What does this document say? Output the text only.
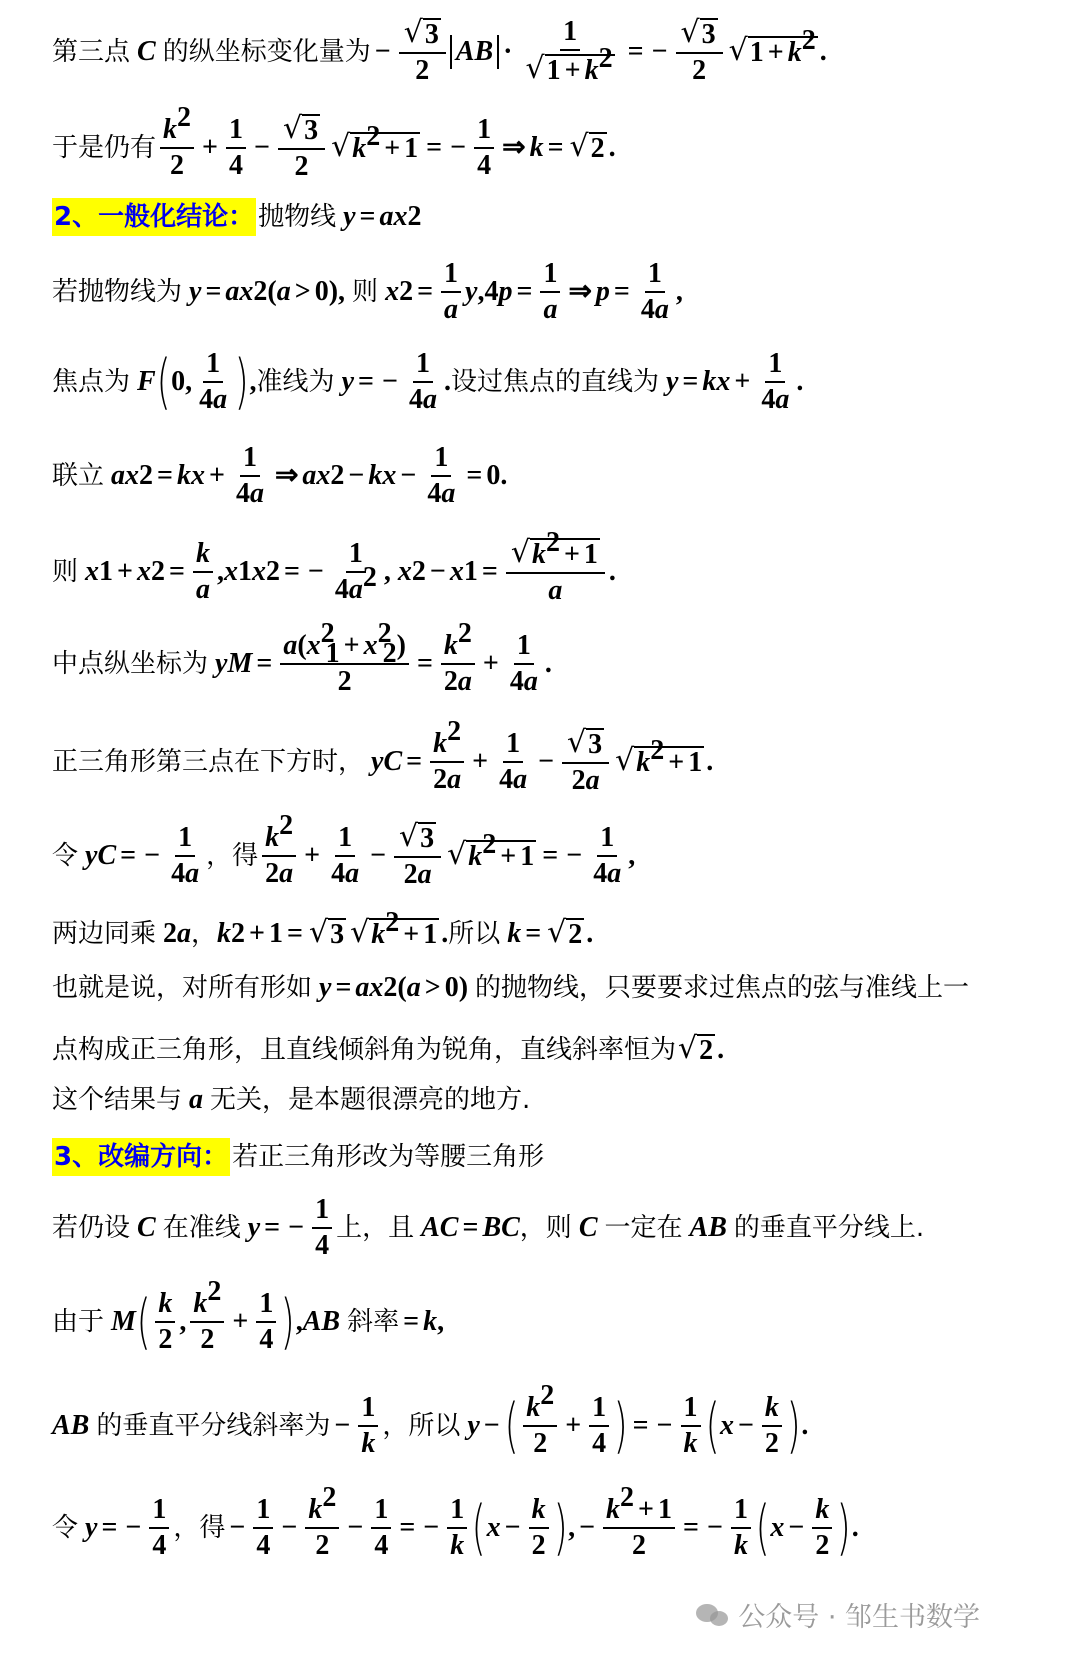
第三点 C 的纵坐标变化量为 − $\frac{√ 3}{2}$ AB · $\frac{1}{√ 1 + k^2}$ = − $\frac{√ 3}{2}$ √ $1 + k^2$ .
于是仍有 $\frac{k^2}{2} + \frac{1}{4} - \frac{√ 3}{2}$ √ $k^2 + 1$ = − $\frac{1}{4}$ ⇒ k = √ 2 .
2、一般化结论： 抛物线 y = ax 2
若抛物线为 y = ax 2 ( a > 0), 则 x $2 = \frac{1}{a}$ y ,4 $p = \frac{1}{a}$ ⇒ $p = \frac{1}{4a}$ ,
焦点为 F ( 0, $\frac{1}{4a}$ ) , 准线为 y = − $\frac{1}{4a}$ . 设过焦点的直线为 y = kx + $\frac{1}{4a}$ .
联立 ax 2 = kx + $\frac{1}{4a}$ ⇒ ax 2 − kx − $\frac{1}{4a} = 0$.
则 x 1 + x $2 = \frac{k}{a}$ , x 1 x 2 = − $\frac{1}{4a^2}$ , x 2 − x $1 = \frac{√ k^2 + 1}{a}$ .
中点纵坐标为 y $M = \frac{a(x^2_1 + x^2_2)}{2} = \frac{k^2}{2a} + \frac{1}{4a}$ .
正三角形第三点在下方时， y $C = \frac{k^2}{2a} + \frac{1}{4a} - \frac{√ 3}{2a}$ √ $k^2 + 1$ .
令 y C = − $\frac{1}{4a}$ ，得 $\frac{k^2}{2a} + \frac{1}{4a} - \frac{√ 3}{2a}$ √ $k^2 + 1$ = − $\frac{1}{4a}$ ,
两边同乘 2 a ， k 2 + 1 = √ 3 √ $k^2 + 1$ . 所以 k = √ 2 .
也就是说，对所有形如 y = ax 2 ( a > 0) 的抛物线，只要要求过焦点的弦与准线上一
点构成正三角形，且直线倾斜角为锐角，直线斜率恒为 √ 2 .
这个结果与 a 无关，是本题很漂亮的地方.
3、改编方向： 若正三角形改为等腰三角形
若仍设 C 在准线 y = − $\frac{1}{4}$ 上，且 AC = BC ，则 C 一定在 AB 的垂直平分线上.
由于 M ( $\frac{k}{2}$ , $\frac{k^2}{2} + \frac{1}{4}$ ) , AB 斜率 = k ,
AB 的垂直平分线斜率为 − $\frac{1}{k}$ ，所以 y − ( $\frac{k^2}{2} + \frac{1}{4}$ ) = − $\frac{1}{k}$ ( $x - \frac{k}{2}$ ) .
令 y = − $\frac{1}{4}$ ，得 − $\frac{1}{4} - \frac{k^2}{2} - \frac{1}{4}$ = − $\frac{1}{k}$ ( $x - \frac{k}{2}$ ) , − $\frac{k^2 + 1}{2}$ = − $\frac{1}{k}$ ( $x - \frac{k}{2}$ ) .
公众号 · 邹生书数学
